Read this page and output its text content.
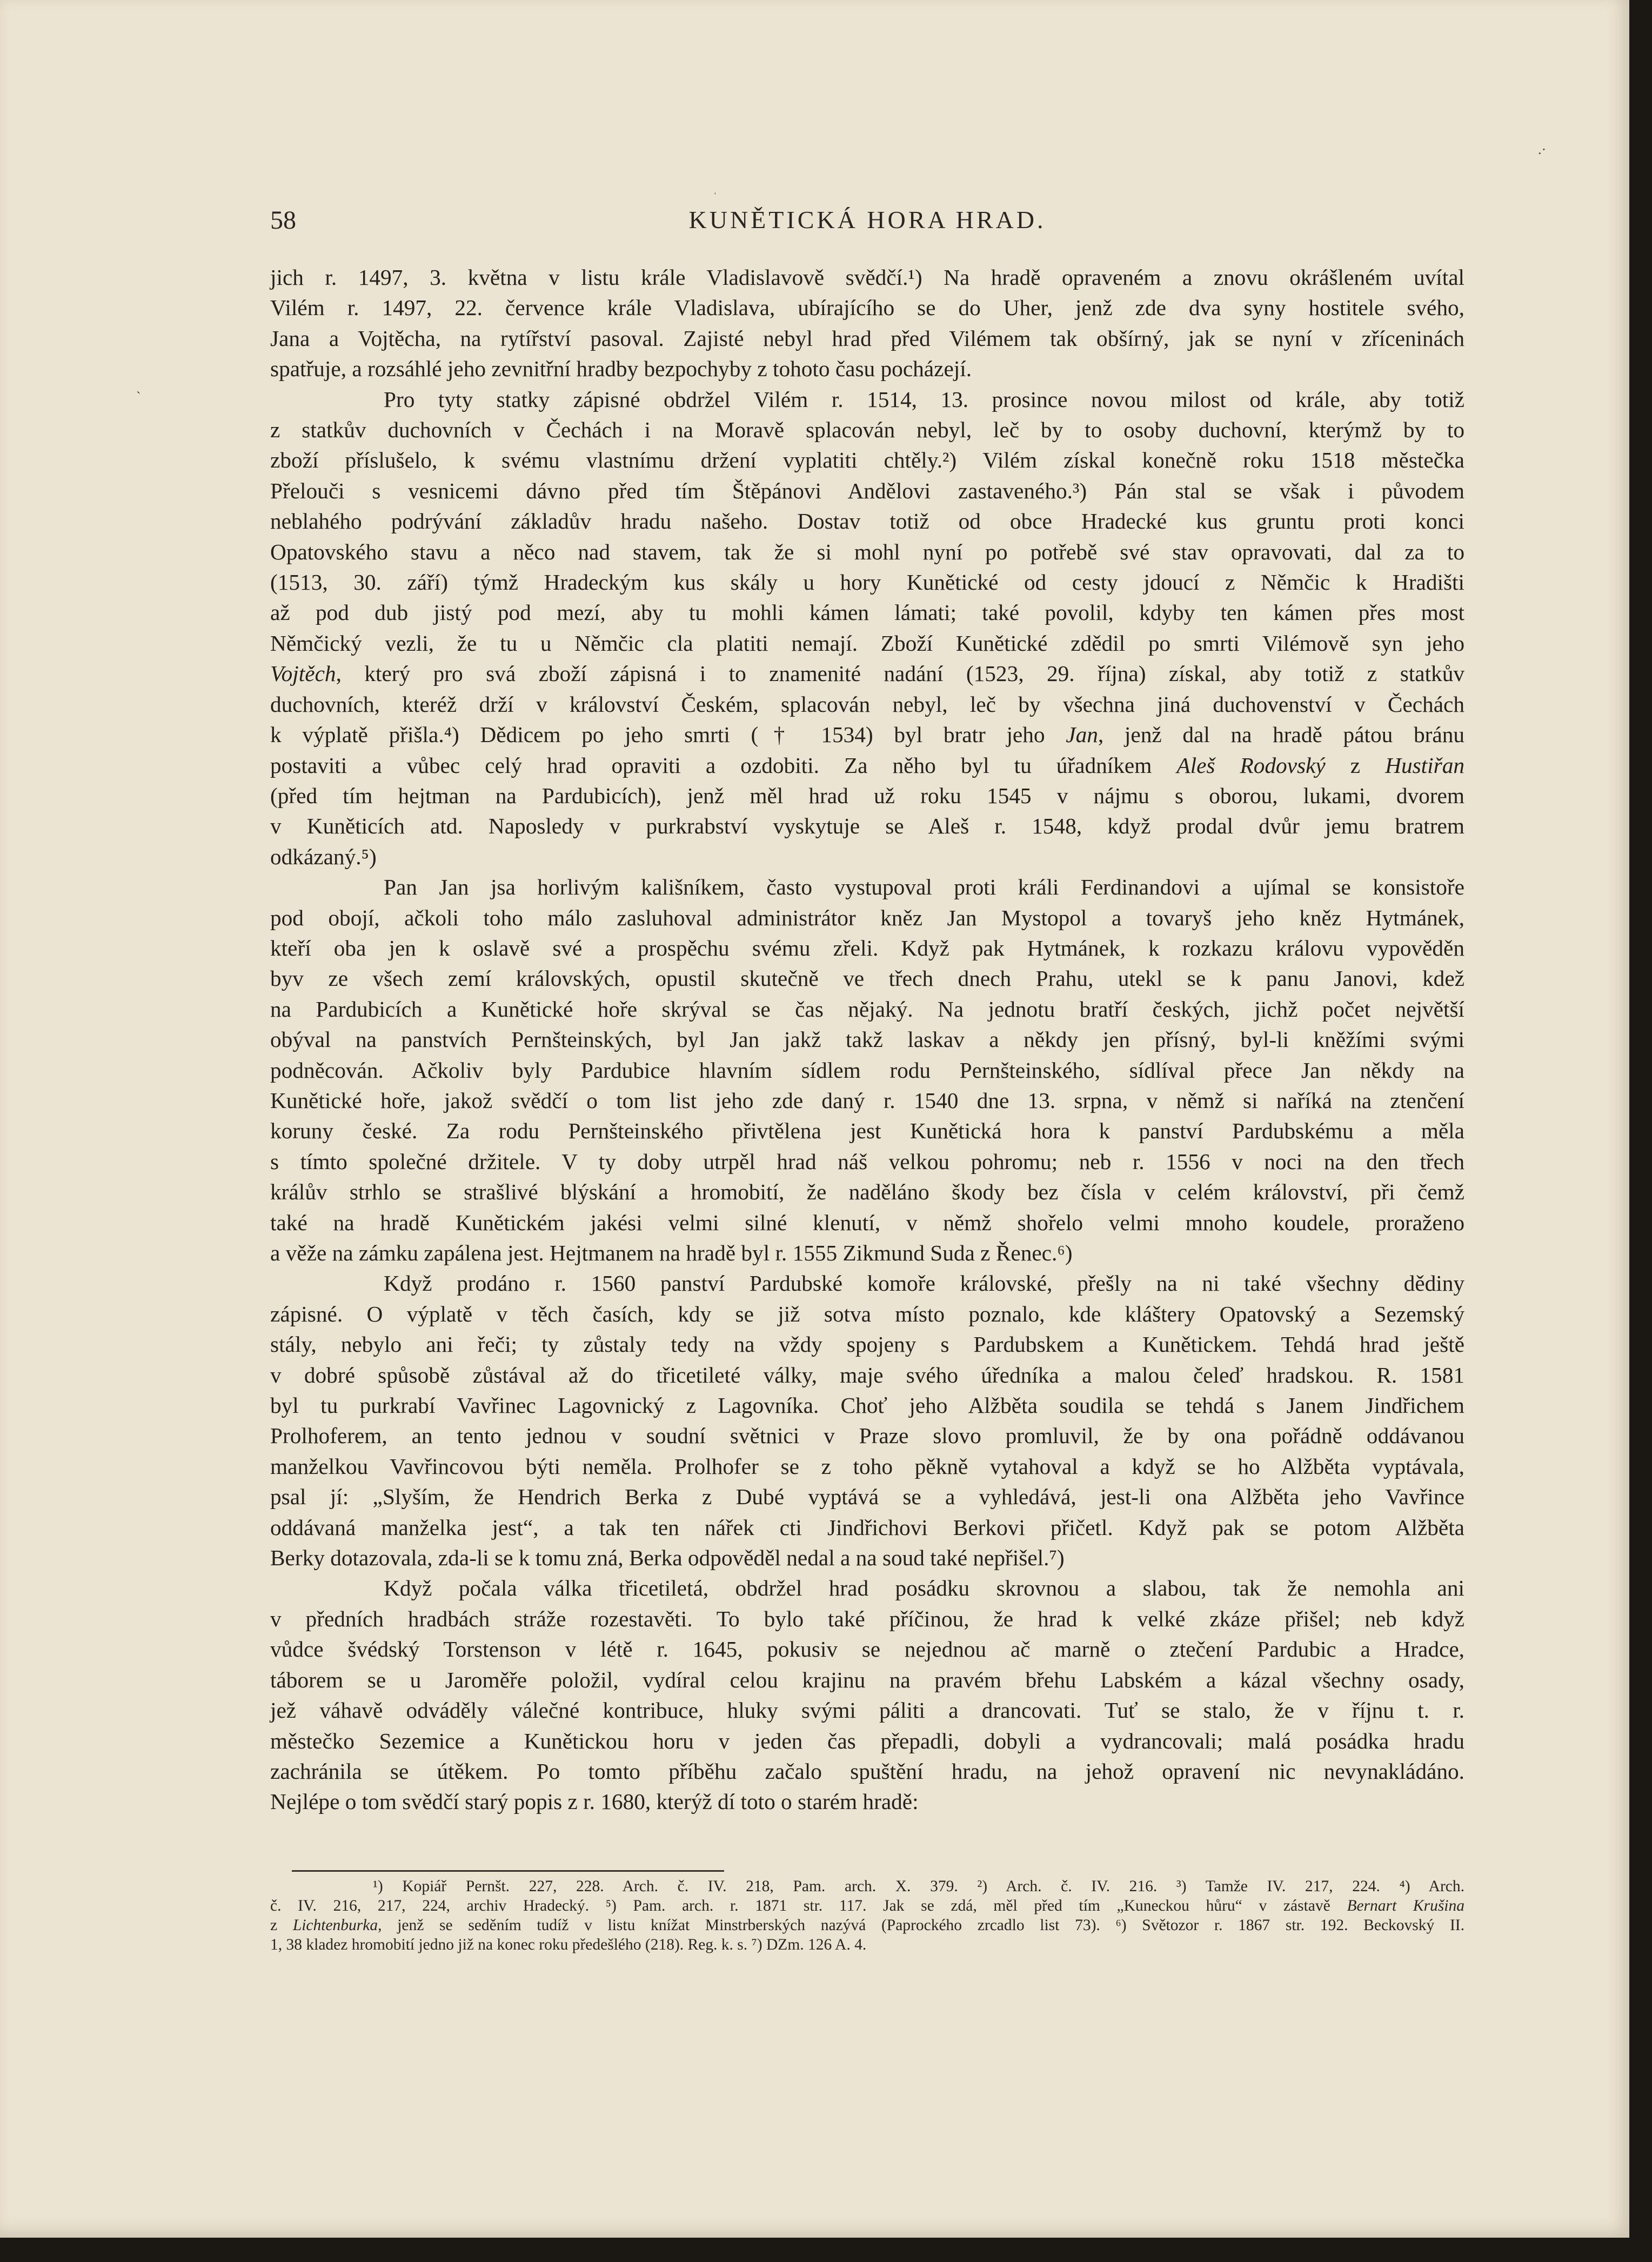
58	KUNĚTICKÁ HORA HRAD.

jich r. 1497, 3. května v listu krále Vladislavově svědčí.¹) Na hradě opraveném a znovu okrášleném uvítal

Vilém r. 1497, 22. července krále Vladislava, ubírajícího se do Uher, jenž zde dva syny hostitele svého,

Jana a Vojtěcha, na rytířství pasoval. Zajisté nebyl hrad před Vilémem tak obšírný, jak se nyní v zříceninách

spatřuje, a rozsáhlé jeho zevnitřní hradby bezpochyby z tohoto času pocházejí.

Pro tyty statky zápisné obdržel Vilém r. 1514, 13. prosince novou milost od krále, aby totiž

z statkův duchovních v Čechách i na Moravě splacován nebyl, leč by to osoby duchovní, kterýmž by to

zboží příslušelo, k svému vlastnímu držení vyplatiti chtěly.²) Vilém získal konečně roku 1518 městečka

Přelouči s vesnicemi dávno před tím Štěpánovi Andělovi zastaveného.³) Pán stal se však i původem

neblahého podrývání základův hradu našeho. Dostav totiž od obce Hradecké kus gruntu proti konci

Opatovského stavu a něco nad stavem, tak že si mohl nyní po potřebě své stav opravovati, dal za to

(1513, 30. září) týmž Hradeckým kus skály u hory Kunětické od cesty jdoucí z Němčic k Hradišti

až pod dub jistý pod mezí, aby tu mohli kámen lámati; také povolil, kdyby ten kámen přes most

Němčický vezli, že tu u Němčic cla platiti nemají. Zboží Kunětické zdědil po smrti Vilémově syn jeho

Vojtěch, který pro svá zboží zápisná i to znamenité nadání (1523, 29. října) získal, aby totiž z statkův

duchovních, kteréž drží v království Českém, splacován nebyl, leč by všechna jiná duchovenství v Čechách

k výplatě přišla.⁴) Dědicem po jeho smrti († 1534) byl bratr jeho Jan, jenž dal na hradě pátou bránu

postaviti a vůbec celý hrad opraviti a ozdobiti. Za něho byl tu úřadníkem Aleš Rodovský z Hustiřan

(před tím hejtman na Pardubicích), jenž měl hrad už roku 1545 v nájmu s oborou, lukami, dvorem

v Kuněticích atd. Naposledy v purkrabství vyskytuje se Aleš r. 1548, když prodal dvůr jemu bratrem

odkázaný.⁵)

Pan Jan jsa horlivým kališníkem, často vystupoval proti králi Ferdinandovi a ujímal se konsistoře

pod obojí, ačkoli toho málo zasluhoval administrátor kněz Jan Mystopol a tovaryš jeho kněz Hytmánek,

kteří oba jen k oslavě své a prospěchu svému zřeli. Když pak Hytmánek, k rozkazu královu vypověděn

byv ze všech zemí královských, opustil skutečně ve třech dnech Prahu, utekl se k panu Janovi, kdež

na Pardubicích a Kunětické hoře skrýval se čas nějaký. Na jednotu bratří českých, jichž počet největší

obýval na panstvích Pernšteinských, byl Jan jakž takž laskav a někdy jen přísný, byl-li kněžími svými

podněcován. Ačkoliv byly Pardubice hlavním sídlem rodu Pernšteinského, sídlíval přece Jan někdy na

Kunětické hoře, jakož svědčí o tom list jeho zde daný r. 1540 dne 13. srpna, v němž si naříká na ztenčení

koruny české. Za rodu Pernšteinského přivtělena jest Kunětická hora k panství Pardubskému a měla

s tímto společné držitele. V ty doby utrpěl hrad náš velkou pohromu; neb r. 1556 v noci na den třech

králův strhlo se strašlivé blýskání a hromobití, že naděláno škody bez čísla v celém království, při čemž

také na hradě Kunětickém jakési velmi silné klenutí, v němž shořelo velmi mnoho koudele, proraženo

a věže na zámku zapálena jest. Hejtmanem na hradě byl r. 1555 Zikmund Suda z Řenec.⁶)

Když prodáno r. 1560 panství Pardubské komoře královské, přešly na ni také všechny dědiny

zápisné. O výplatě v těch časích, kdy se již sotva místo poznalo, kde kláštery Opatovský a Sezemský

stály, nebylo ani řeči; ty zůstaly tedy na vždy spojeny s Pardubskem a Kunětickem. Tehdá hrad ještě

v dobré spůsobě zůstával až do třicetileté války, maje svého úředníka a malou čeleď hradskou. R. 1581

byl tu purkrabí Vavřinec Lagovnický z Lagovníka. Choť jeho Alžběta soudila se tehdá s Janem Jindřichem

Prolhoferem, an tento jednou v soudní světnici v Praze slovo promluvil, že by ona pořádně oddávanou

manželkou Vavřincovou býti neměla. Prolhofer se z toho pěkně vytahoval a když se ho Alžběta vyptávala,

psal jí: „Slyším, že Hendrich Berka z Dubé vyptává se a vyhledává, jest-li ona Alžběta jeho Vavřince

oddávaná manželka jest“, a tak ten nářek cti Jindřichovi Berkovi přičetl. Když pak se potom Alžběta

Berky dotazovala, zda-li se k tomu zná, Berka odpověděl nedal a na soud také nepřišel.⁷)

Když počala válka třicetiletá, obdržel hrad posádku skrovnou a slabou, tak že nemohla ani

v předních hradbách stráže rozestavěti. To bylo také příčinou, že hrad k velké zkáze přišel; neb když

vůdce švédský Torstenson v létě r. 1645, pokusiv se nejednou ač marně o ztečení Pardubic a Hradce,

táborem se u Jaroměře položil, vydíral celou krajinu na pravém břehu Labském a kázal všechny osady,

jež váhavě odváděly válečné kontribuce, hluky svými páliti a drancovati. Tuť se stalo, že v říjnu t. r.

městečko Sezemice a Kunětickou horu v jeden čas přepadli, dobyli a vydrancovali; malá posádka hradu

zachránila se útěkem. Po tomto příběhu začalo spuštění hradu, na jehož opravení nic nevynakládáno.

Nejlépe o tom svědčí starý popis z r. 1680, kterýž dí toto o starém hradě:

¹) Kopiář Pernšt. 227, 228. Arch. č. IV. 218, Pam. arch. X. 379. ²) Arch. č. IV. 216. ³) Tamže IV. 217, 224. ⁴) Arch.

č. IV. 216, 217, 224, archiv Hradecký. ⁵) Pam. arch. r. 1871 str. 117. Jak se zdá, měl před tím „Kuneckou hůru“ v zástavě Bernart Krušina

z Lichtenburka, jenž se seděním tudíž v listu knížat Minstrberských nazývá (Paprockého zrcadlo list 73). ⁶) Světozor r. 1867 str. 192. Beckovský II.

1, 38 kladez hromobití jedno již na konec roku předešlého (218). Reg. k. s. ⁷) DZm. 126 A. 4.

ˌ
ˏ
.·
